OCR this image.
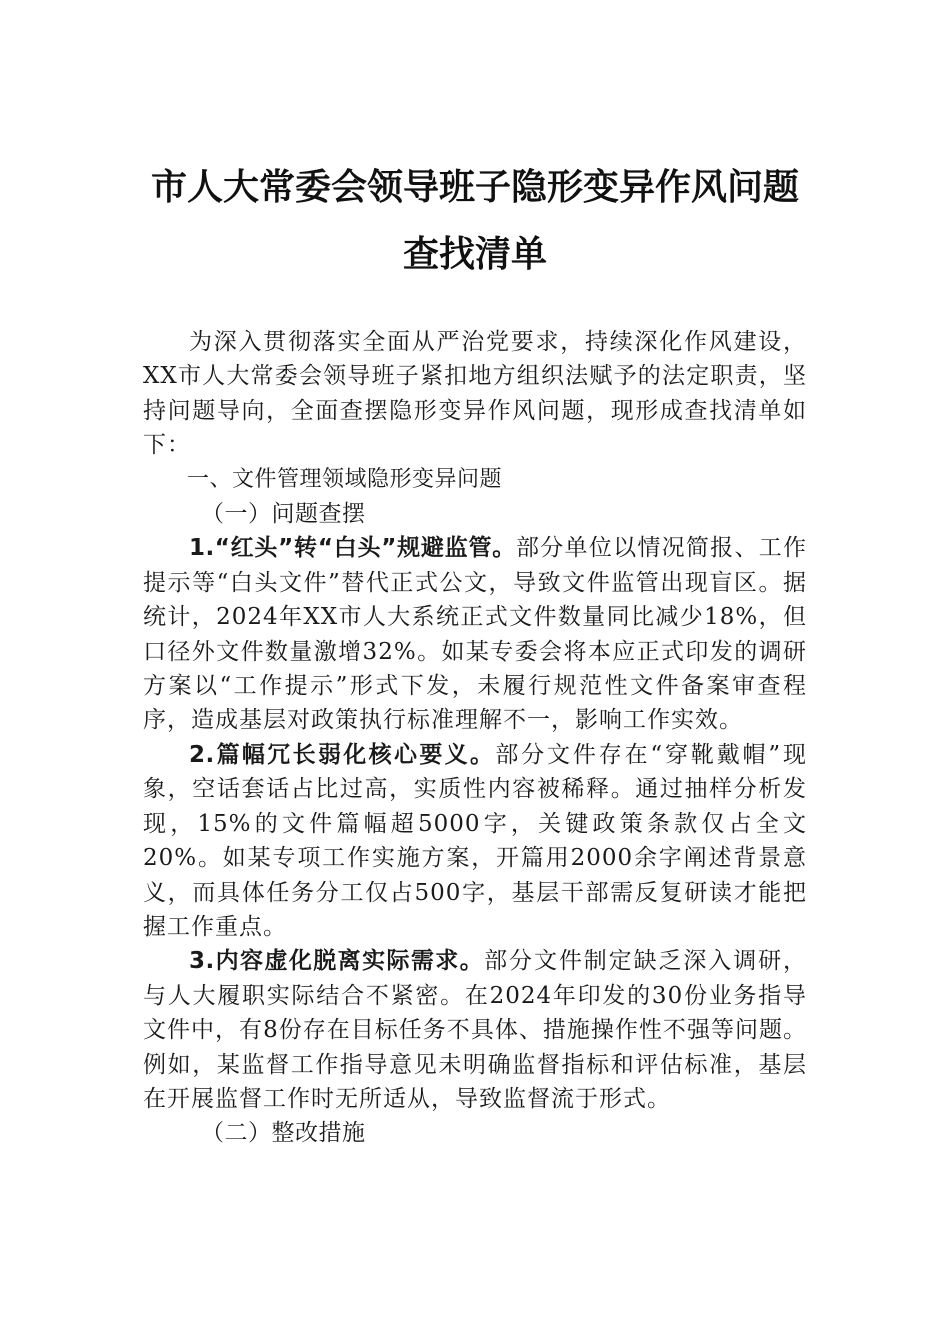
市人大常委会领导班子隐形变异作风问题
查找清单

为深入贯彻落实全面从严治党要求，持续深化作风建设，XX市人大常委会领导班子紧扣地方组织法赋予的法定职责，坚持问题导向，全面查摆隐形变异作风问题，现形成查找清单如下：

一、文件管理领域隐形变异问题

（一）问题查摆

1.“红头”转“白头”规避监管。部分单位以情况简报、工作提示等“白头文件”替代正式公文，导致文件监管出现盲区。据统计，2024年XX市人大系统正式文件数量同比减少18%，但口径外文件数量激增32%。如某专委会将本应正式印发的调研方案以“工作提示”形式下发，未履行规范性文件备案审查程序，造成基层对政策执行标准理解不一，影响工作实效。

2.篇幅冗长弱化核心要义。部分文件存在“穿靴戴帽”现象，空话套话占比过高，实质性内容被稀释。通过抽样分析发现，15%的文件篇幅超5000字，关键政策条款仅占全文20%。如某专项工作实施方案，开篇用2000余字阐述背景意义，而具体任务分工仅占500字，基层干部需反复研读才能把握工作重点。

3.内容虚化脱离实际需求。部分文件制定缺乏深入调研，与人大履职实际结合不紧密。在2024年印发的30份业务指导文件中，有8份存在目标任务不具体、措施操作性不强等问题。例如，某监督工作指导意见未明确监督指标和评估标准，基层在开展监督工作时无所适从，导致监督流于形式。

（二）整改措施
